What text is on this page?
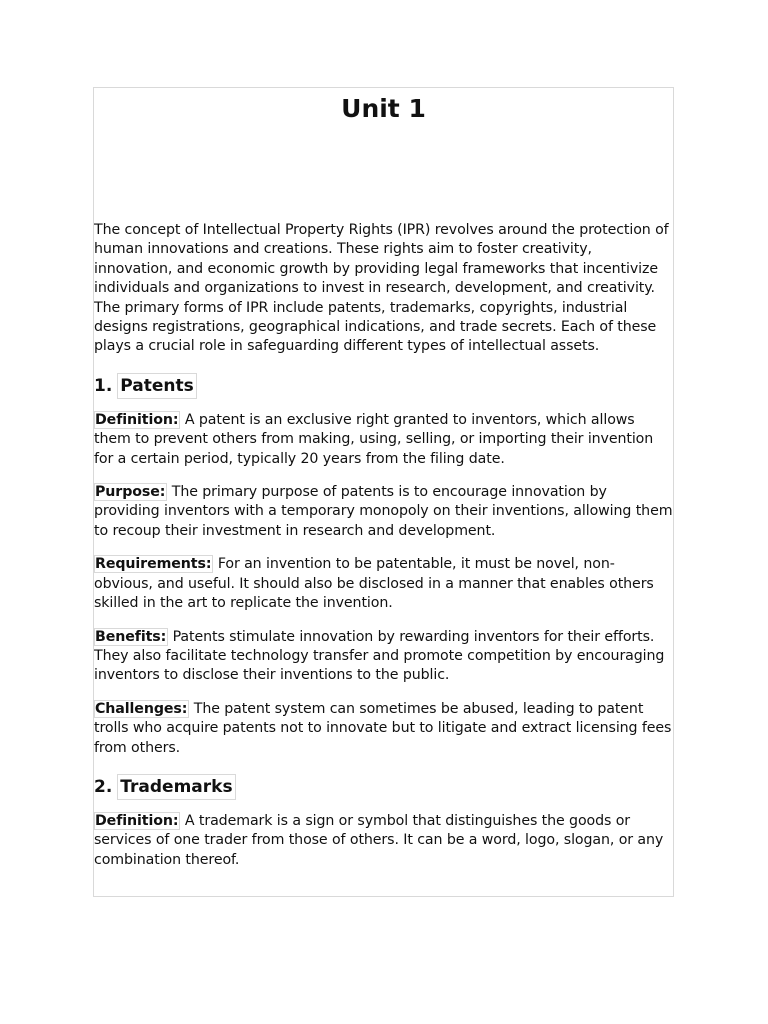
Unit 1

The concept of Intellectual Property Rights (IPR) revolves around the protection of human innovations and creations. These rights aim to foster creativity, innovation, and economic growth by providing legal frameworks that incentivize individuals and organizations to invest in research, development, and creativity. The primary forms of IPR include patents, trademarks, copyrights, industrial designs registrations, geographical indications, and trade secrets. Each of these plays a crucial role in safeguarding different types of intellectual assets.

1. Patents

Definition: A patent is an exclusive right granted to inventors, which allows them to prevent others from making, using, selling, or importing their invention for a certain period, typically 20 years from the filing date.

Purpose: The primary purpose of patents is to encourage innovation by providing inventors with a temporary monopoly on their inventions, allowing them to recoup their investment in research and development.

Requirements: For an invention to be patentable, it must be novel, non-obvious, and useful. It should also be disclosed in a manner that enables others skilled in the art to replicate the invention.

Benefits: Patents stimulate innovation by rewarding inventors for their efforts. They also facilitate technology transfer and promote competition by encouraging inventors to disclose their inventions to the public.

Challenges: The patent system can sometimes be abused, leading to patent trolls who acquire patents not to innovate but to litigate and extract licensing fees from others.

2. Trademarks

Definition: A trademark is a sign or symbol that distinguishes the goods or services of one trader from those of others. It can be a word, logo, slogan, or any combination thereof.
